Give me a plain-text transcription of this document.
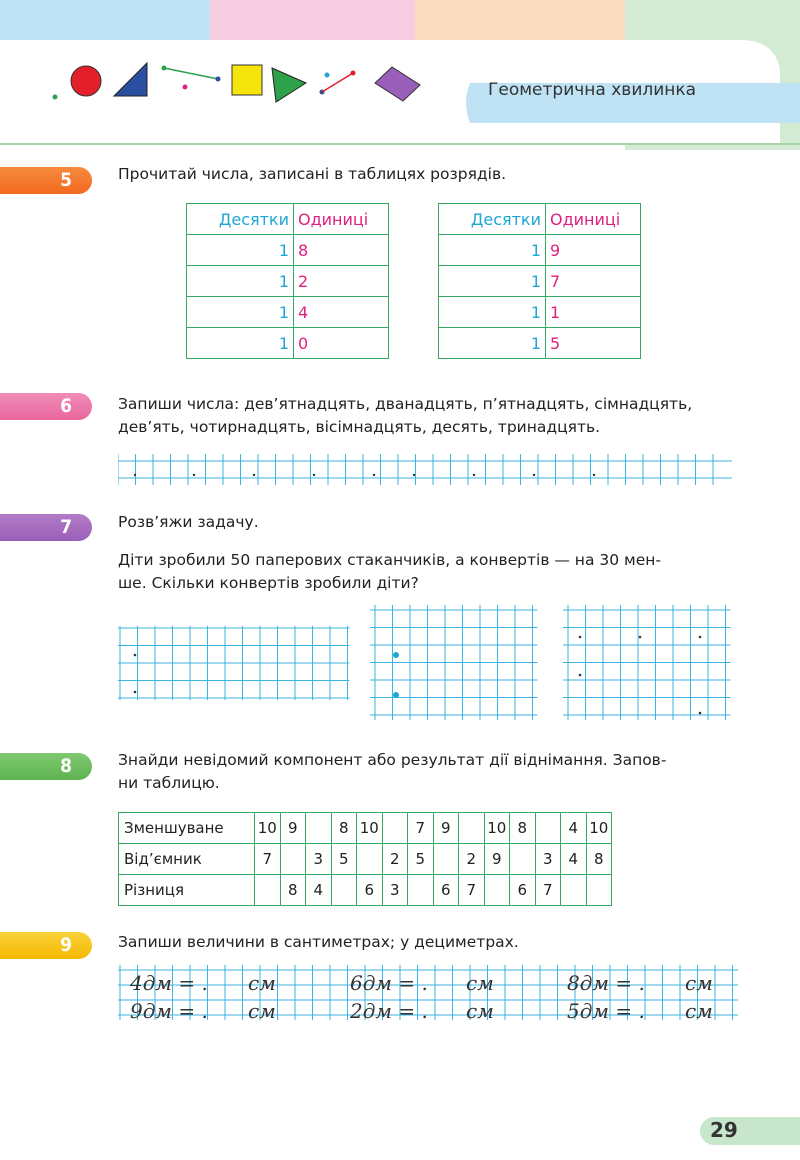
Геометрична хвилинка
5	Прочитай числа, записані в таблицях розрядів.
Десятки	Одиниці
1	8
1	2
1	4
1	0
Десятки	Одиниці
1	9
1	7
1	1
1	5
6	Запиши числа: дев’ятнадцять, дванадцять, п’ятнадцять, сімнадцять,
дев’ять, чотирнадцять, вісімнадцять, десять, тринадцять.
7	Розв’яжи задачу.
Діти зробили 50 паперових стаканчиків, а конвертів — на 30 мен-
ше. Скільки конвертів зробили діти?
8	Знайди невідомий компонент або результат дії віднімання. Запов-
ни таблицю.
Зменшуване	10	9		8	10		7	9		10	8		4	10
Від’ємник	7		3	5		2	5		2	9		3	4	8
Різниця		8	4		6	3		6	7		6	7		
9	Запиши величини в сантиметрах; у дециметрах.
4дм = . см	6дм = . см	8дм = . см
9дм = . см	2дм = . см	5дм = . см
29
